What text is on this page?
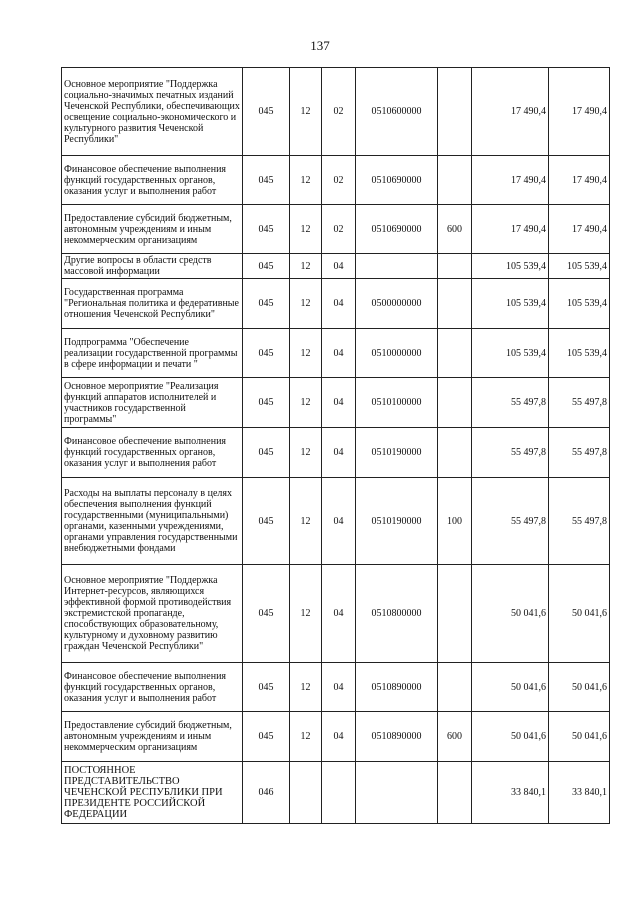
137
Основное мероприятие "Поддержка социально-значимых печатных изданий Чеченской Республики, обеспечивающих освещение социально-экономического и культурного развития Чеченской Республики"	045	12	02	0510600000		17 490,4	17 490,4
Финансовое обеспечение выполнения функций государственных органов, оказания услуг и выполнения работ	045	12	02	0510690000		17 490,4	17 490,4
Предоставление субсидий бюджетным, автономным учреждениям и иным некоммерческим организациям	045	12	02	0510690000	600	17 490,4	17 490,4
Другие вопросы в области средств массовой информации	045	12	04			105 539,4	105 539,4
Государственная программа "Региональная политика и федеративные отношения Чеченской Республики"	045	12	04	0500000000		105 539,4	105 539,4
Подпрограмма "Обеспечение реализации государственной программы в сфере информации и печати "	045	12	04	0510000000		105 539,4	105 539,4
Основное мероприятие "Реализация функций аппаратов исполнителей и участников государственной программы"	045	12	04	0510100000		55 497,8	55 497,8
Финансовое обеспечение выполнения функций государственных органов, оказания услуг и выполнения работ	045	12	04	0510190000		55 497,8	55 497,8
Расходы на выплаты персоналу в целях обеспечения выполнения функций государственными (муниципальными) органами, казенными учреждениями, органами управления государственными внебюджетными фондами	045	12	04	0510190000	100	55 497,8	55 497,8
Основное мероприятие "Поддержка Интернет-ресурсов, являющихся эффективной формой противодействия экстремистской пропаганде, способствующих образовательному, культурному и духовному развитию граждан Чеченской Республики"	045	12	04	0510800000		50 041,6	50 041,6
Финансовое обеспечение выполнения функций государственных органов, оказания услуг и выполнения работ	045	12	04	0510890000		50 041,6	50 041,6
Предоставление субсидий бюджетным, автономным учреждениям и иным некоммерческим организациям	045	12	04	0510890000	600	50 041,6	50 041,6
ПОСТОЯННОЕ ПРЕДСТАВИТЕЛЬСТВО ЧЕЧЕНСКОЙ РЕСПУБЛИКИ ПРИ ПРЕЗИДЕНТЕ РОССИЙСКОЙ ФЕДЕРАЦИИ	046					33 840,1	33 840,1
